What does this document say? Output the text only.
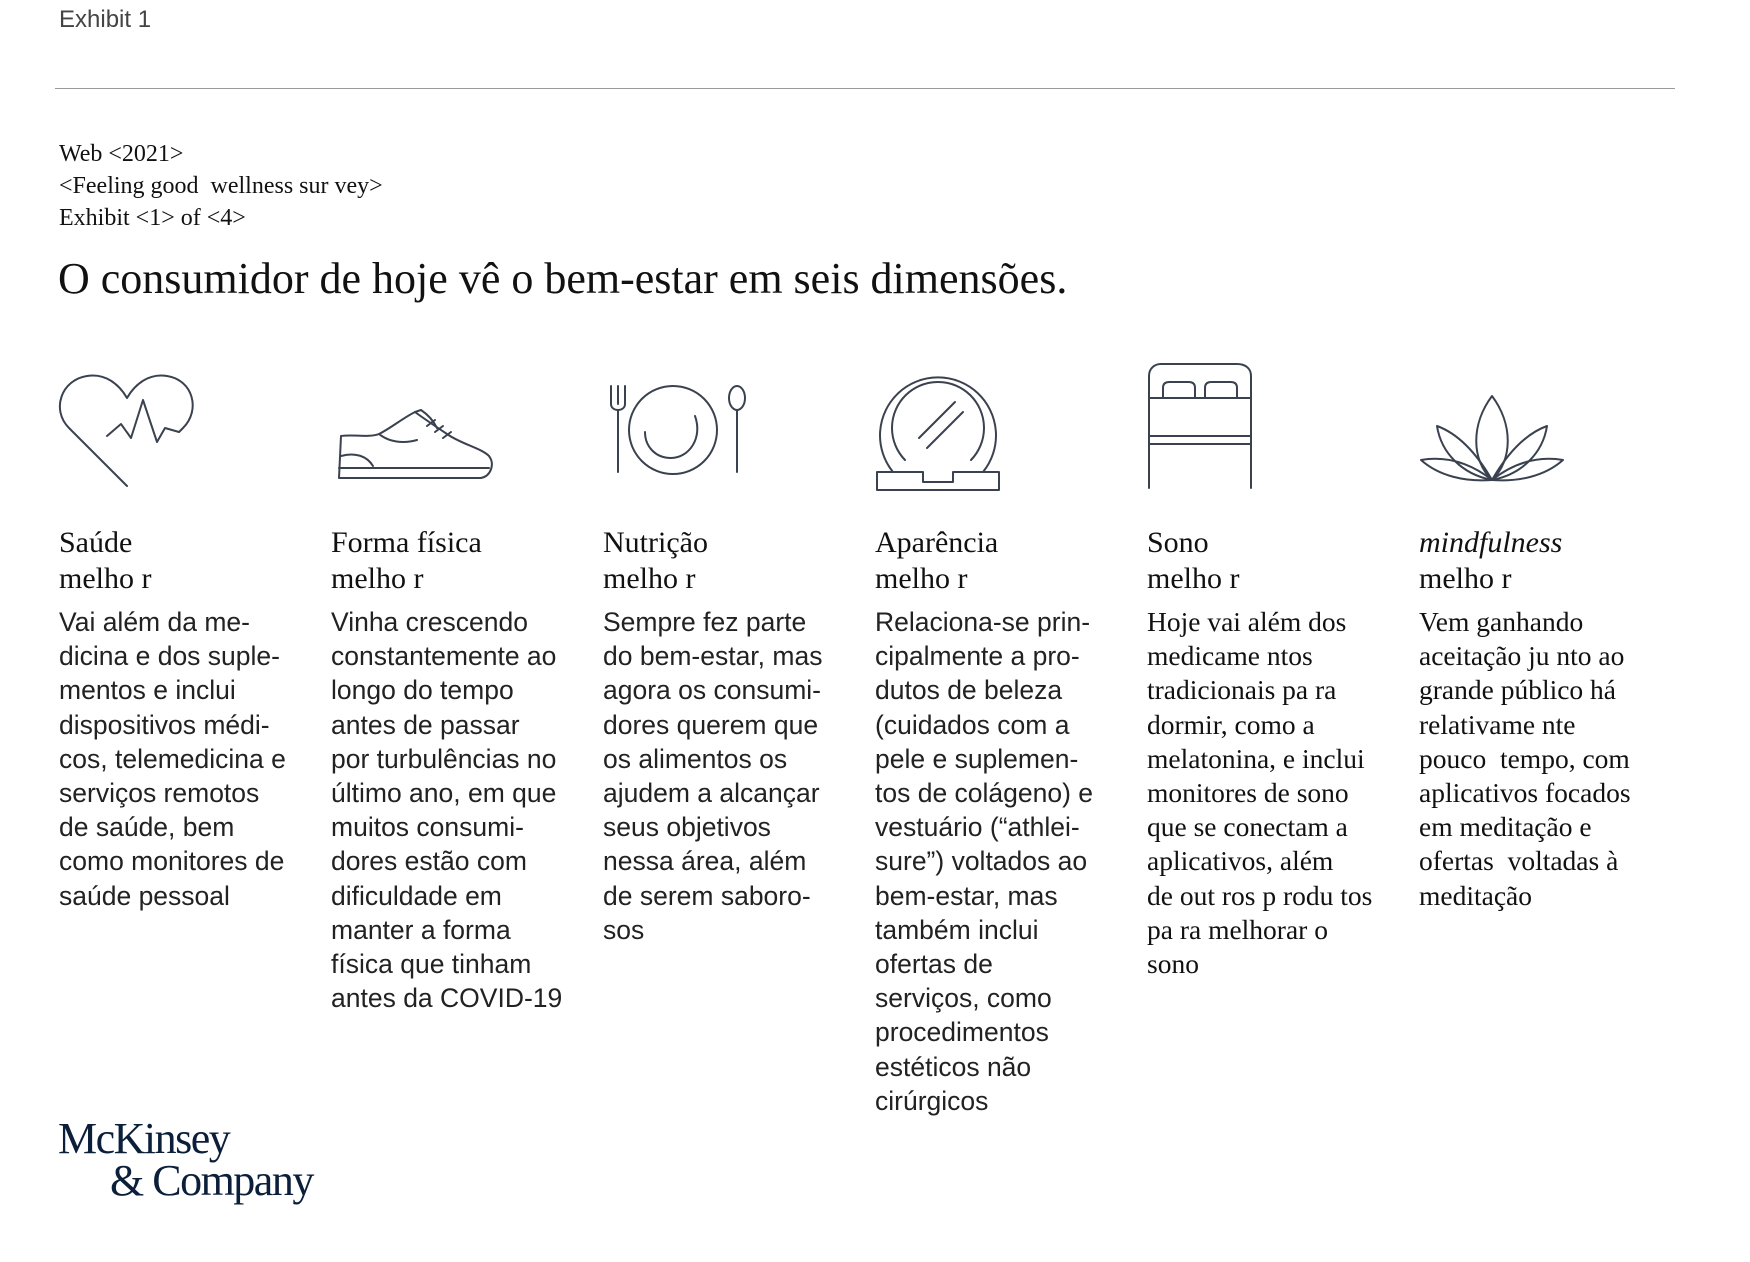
Exhibit 1
Web <2021>
<Feeling good  wellness sur vey>
Exhibit <1> of <4>
O consumidor de hoje vê o bem-estar em seis dimensões.
Saúde
melho r
Vai além da me-
dicina e dos suple-
mentos e inclui
dispositivos médi-
cos, telemedicina e
serviços remotos
de saúde, bem
como monitores de
saúde pessoal
Forma física
melho r
Vinha crescendo
constantemente ao
longo do tempo
antes de passar
por turbulências no
último ano, em que
muitos consumi-
dores estão com
dificuldade em
manter a forma
física que tinham
antes da COVID-19
Nutrição
melho r
Sempre fez parte
do bem-estar, mas
agora os consumi-
dores querem que
os alimentos os
ajudem a alcançar
seus objetivos
nessa área, além
de serem saboro-
sos
Aparência
melho r
Relaciona-se prin-
cipalmente a pro-
dutos de beleza
(cuidados com a
pele e suplemen-
tos de colágeno) e
vestuário (“athlei-
sure”) voltados ao
bem-estar, mas
também inclui
ofertas de
serviços, como
procedimentos
estéticos não
cirúrgicos
Sono
melho r
Hoje vai além dos
medicame ntos
tradicionais pa ra
dormir, como a
melatonina, e inclui
monitores de sono
que se conectam a
aplicativos, além
de out ros p rodu tos
pa ra melhorar o
sono
mindfulness
melho r
Vem ganhando
aceitação ju nto ao
grande público há
relativame nte
pouco  tempo, com
aplicativos focados
em meditação e
ofertas  voltadas à
meditação
McKinsey
& Company
